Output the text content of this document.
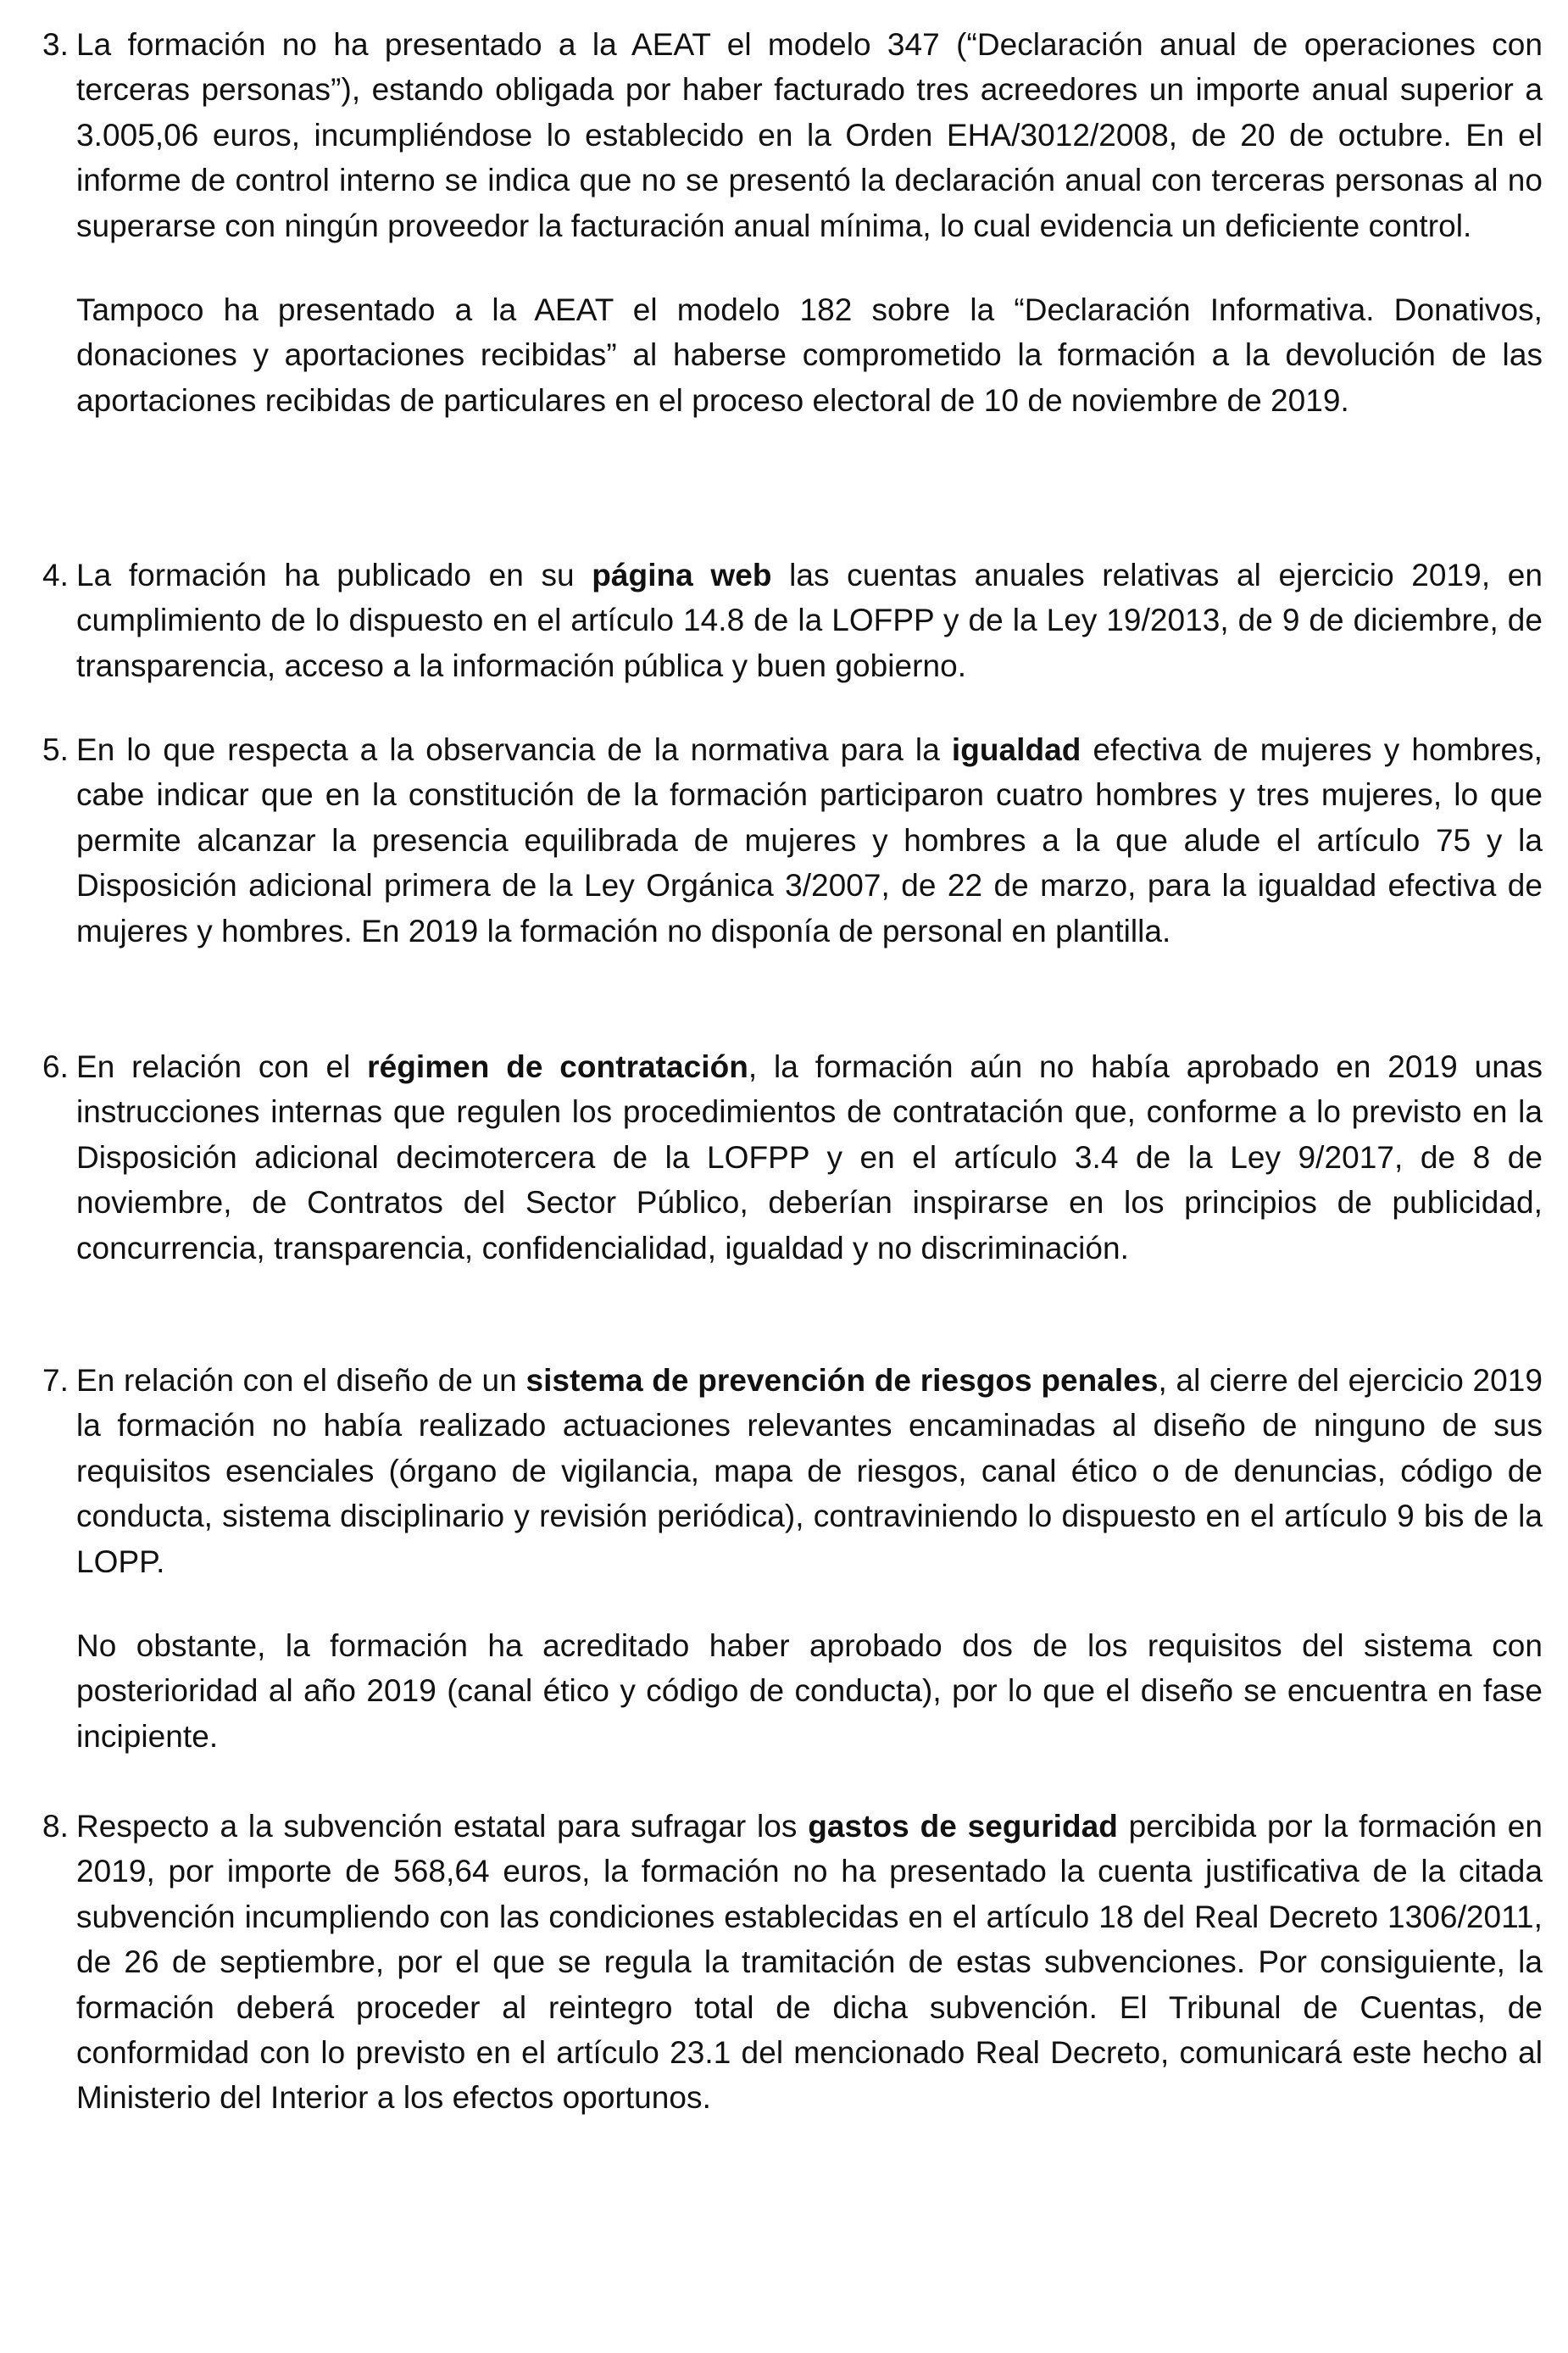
3. La formación no ha presentado a la AEAT el modelo 347 (“Declaración anual de operaciones con terceras personas”), estando obligada por haber facturado tres acreedores un importe anual superior a 3.005,06 euros, incumpliéndose lo establecido en la Orden EHA/3012/2008, de 20 de octubre. En el informe de control interno se indica que no se presentó la declaración anual con terceras personas al no superarse con ningún proveedor la facturación anual mínima, lo cual evidencia un deficiente control.

Tampoco ha presentado a la AEAT el modelo 182 sobre la “Declaración Informativa. Donativos, donaciones y aportaciones recibidas” al haberse comprometido la formación a la devolución de las aportaciones recibidas de particulares en el proceso electoral de 10 de noviembre de 2019.

4. La formación ha publicado en su página web las cuentas anuales relativas al ejercicio 2019, en cumplimiento de lo dispuesto en el artículo 14.8 de la LOFPP y de la Ley 19/2013, de 9 de diciembre, de transparencia, acceso a la información pública y buen gobierno.

5. En lo que respecta a la observancia de la normativa para la igualdad efectiva de mujeres y hombres, cabe indicar que en la constitución de la formación participaron cuatro hombres y tres mujeres, lo que permite alcanzar la presencia equilibrada de mujeres y hombres a la que alude el artículo 75 y la Disposición adicional primera de la Ley Orgánica 3/2007, de 22 de marzo, para la igualdad efectiva de mujeres y hombres. En 2019 la formación no disponía de personal en plantilla.

6. En relación con el régimen de contratación, la formación aún no había aprobado en 2019 unas instrucciones internas que regulen los procedimientos de contratación que, conforme a lo previsto en la Disposición adicional decimotercera de la LOFPP y en el artículo 3.4 de la Ley 9/2017, de 8 de noviembre, de Contratos del Sector Público, deberían inspirarse en los principios de publicidad, concurrencia, transparencia, confidencialidad, igualdad y no discriminación.

7. En relación con el diseño de un sistema de prevención de riesgos penales, al cierre del ejercicio 2019 la formación no había realizado actuaciones relevantes encaminadas al diseño de ninguno de sus requisitos esenciales (órgano de vigilancia, mapa de riesgos, canal ético o de denuncias, código de conducta, sistema disciplinario y revisión periódica), contraviniendo lo dispuesto en el artículo 9 bis de la LOPP.

No obstante, la formación ha acreditado haber aprobado dos de los requisitos del sistema con posterioridad al año 2019 (canal ético y código de conducta), por lo que el diseño se encuentra en fase incipiente.

8. Respecto a la subvención estatal para sufragar los gastos de seguridad percibida por la formación en 2019, por importe de 568,64 euros, la formación no ha presentado la cuenta justificativa de la citada subvención incumpliendo con las condiciones establecidas en el artículo 18 del Real Decreto 1306/2011, de 26 de septiembre, por el que se regula la tramitación de estas subvenciones. Por consiguiente, la formación deberá proceder al reintegro total de dicha subvención. El Tribunal de Cuentas, de conformidad con lo previsto en el artículo 23.1 del mencionado Real Decreto, comunicará este hecho al Ministerio del Interior a los efectos oportunos.
